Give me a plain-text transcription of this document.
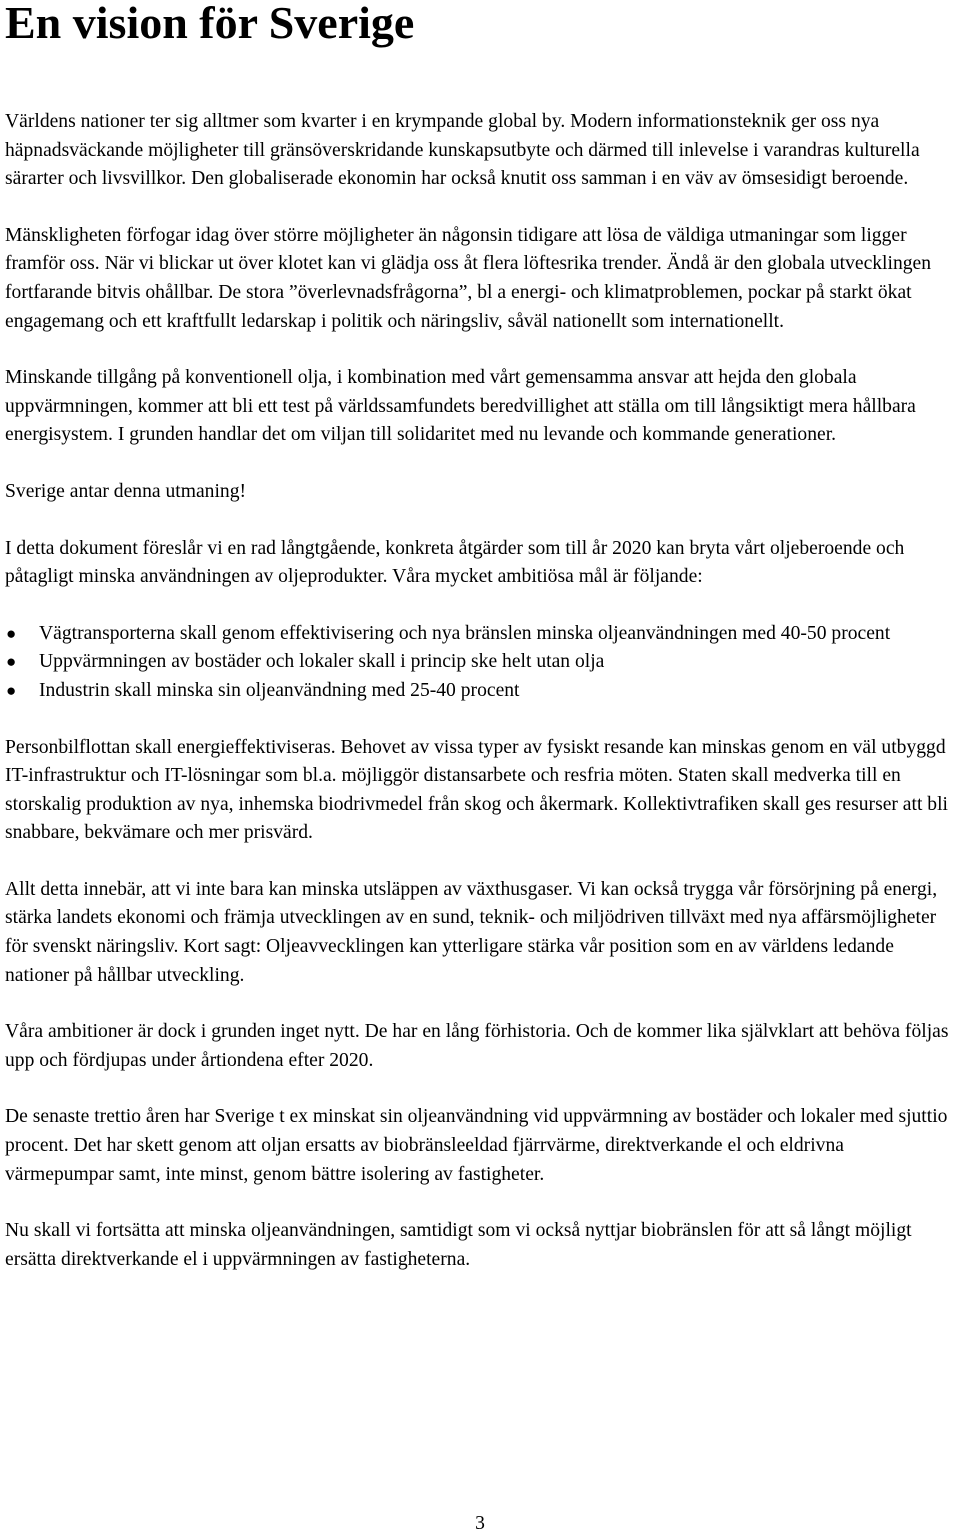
En vision för Sverige

Världens nationer ter sig alltmer som kvarter i en krympande global by. Modern informationsteknik ger oss nya häpnadsväckande möjligheter till gränsöverskridande kunskapsutbyte och därmed till inlevelse i varandras kulturella särarter och livsvillkor. Den globaliserade ekonomin har också knutit oss samman i en väv av ömsesidigt beroende.

Mänskligheten förfogar idag över större möjligheter än någonsin tidigare att lösa de väldiga utmaningar som ligger framför oss. När vi blickar ut över klotet kan vi glädja oss åt flera löftesrika trender. Ändå är den globala utvecklingen fortfarande bitvis ohållbar. De stora ”överlevnadsfrågorna”, bl a energi- och klimatproblemen, pockar på starkt ökat engagemang och ett kraftfullt ledarskap i politik och näringsliv, såväl nationellt som internationellt.

Minskande tillgång på konventionell olja, i kombination med vårt gemensamma ansvar att hejda den globala uppvärmningen, kommer att bli ett test på världssamfundets beredvillighet att ställa om till långsiktigt mera hållbara energisystem. I grunden handlar det om viljan till solidaritet med nu levande och kommande generationer.

Sverige antar denna utmaning!

I detta dokument föreslår vi en rad långtgående, konkreta åtgärder som till år 2020 kan bryta vårt oljeberoende och påtagligt minska användningen av oljeprodukter. Våra mycket ambitiösa mål är följande:

● Vägtransporterna skall genom effektivisering och nya bränslen minska oljeanvändningen med 40-50 procent
● Uppvärmningen av bostäder och lokaler skall i princip ske helt utan olja
● Industrin skall minska sin oljeanvändning med 25-40 procent

Personbilflottan skall energieffektiviseras. Behovet av vissa typer av fysiskt resande kan minskas genom en väl utbyggd IT-infrastruktur och IT-lösningar som bl.a. möjliggör distansarbete och resfria möten. Staten skall medverka till en storskalig produktion av nya, inhemska biodrivmedel från skog och åkermark. Kollektivtrafiken skall ges resurser att bli snabbare, bekvämare och mer prisvärd.

Allt detta innebär, att vi inte bara kan minska utsläppen av växthusgaser. Vi kan också trygga vår försörjning på energi, stärka landets ekonomi och främja utvecklingen av en sund, teknik- och miljödriven tillväxt med nya affärsmöjligheter för svenskt näringsliv. Kort sagt: Oljeavvecklingen kan ytterligare stärka vår position som en av världens ledande nationer på hållbar utveckling.

Våra ambitioner är dock i grunden inget nytt. De har en lång förhistoria. Och de kommer lika självklart att behöva följas upp och fördjupas under årtiondena efter 2020.

De senaste trettio åren har Sverige t ex minskat sin oljeanvändning vid uppvärmning av bostäder och lokaler med sjuttio procent. Det har skett genom att oljan ersatts av biobränsleeldad fjärrvärme, direktverkande el och eldrivna värmepumpar samt, inte minst, genom bättre isolering av fastigheter.

Nu skall vi fortsätta att minska oljeanvändningen, samtidigt som vi också nyttjar biobränslen för att så långt möjligt ersätta direktverkande el i uppvärmningen av fastigheterna.

3
